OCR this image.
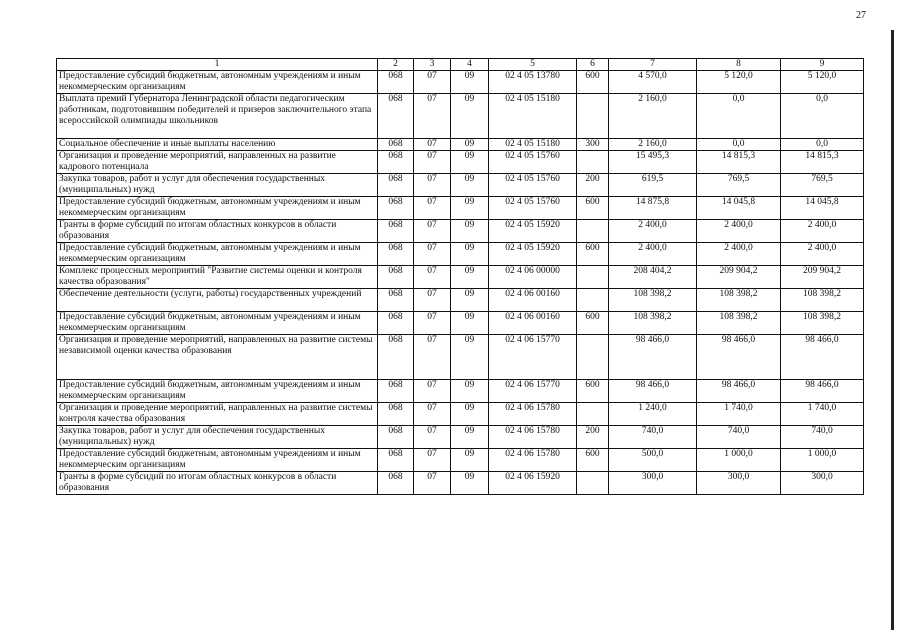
27
1	2	3	4	5	6	7	8	9
Предоставление субсидий бюджетным, автономным учреждениям и иным некоммерческим организациям	068	07	09	02 4 05 13780	600	4 570,0	5 120,0	5 120,0
Выплата премий Губернатора Ленинградской области педагогическим работникам, подготовившим победителей и призеров заключительного этапа всероссийской олимпиады школьников	068	07	09	02 4 05 15180		2 160,0	0,0	0,0
Социальное обеспечение и иные выплаты населению	068	07	09	02 4 05 15180	300	2 160,0	0,0	0,0
Организация и проведение мероприятий, направленных на развитие кадрового потенциала	068	07	09	02 4 05 15760		15 495,3	14 815,3	14 815,3
Закупка товаров, работ и услуг для обеспечения государственных (муниципальных) нужд	068	07	09	02 4 05 15760	200	619,5	769,5	769,5
Предоставление субсидий бюджетным, автономным учреждениям и иным некоммерческим организациям	068	07	09	02 4 05 15760	600	14 875,8	14 045,8	14 045,8
Гранты в форме субсидий по итогам областных конкурсов в области образования	068	07	09	02 4 05 15920		2 400,0	2 400,0	2 400,0
Предоставление субсидий бюджетным, автономным учреждениям и иным некоммерческим организациям	068	07	09	02 4 05 15920	600	2 400,0	2 400,0	2 400,0
Комплекс процессных мероприятий "Развитие системы оценки и контроля качества образования"	068	07	09	02 4 06 00000		208 404,2	209 904,2	209 904,2
Обеспечение деятельности (услуги, работы) государственных учреждений	068	07	09	02 4 06 00160		108 398,2	108 398,2	108 398,2
Предоставление субсидий бюджетным, автономным учреждениям и иным некоммерческим организациям	068	07	09	02 4 06 00160	600	108 398,2	108 398,2	108 398,2
Организация и проведение мероприятий, направленных на развитие системы независимой оценки качества образования	068	07	09	02 4 06 15770		98 466,0	98 466,0	98 466,0
Предоставление субсидий бюджетным, автономным учреждениям и иным некоммерческим организациям	068	07	09	02 4 06 15770	600	98 466,0	98 466,0	98 466,0
Организация и проведение мероприятий, направленных на развитие системы контроля качества образования	068	07	09	02 4 06 15780		1 240,0	1 740,0	1 740,0
Закупка товаров, работ и услуг для обеспечения государственных (муниципальных) нужд	068	07	09	02 4 06 15780	200	740,0	740,0	740,0
Предоставление субсидий бюджетным, автономным учреждениям и иным некоммерческим организациям	068	07	09	02 4 06 15780	600	500,0	1 000,0	1 000,0
Гранты в форме субсидий по итогам областных конкурсов в области образования	068	07	09	02 4 06 15920		300,0	300,0	300,0
